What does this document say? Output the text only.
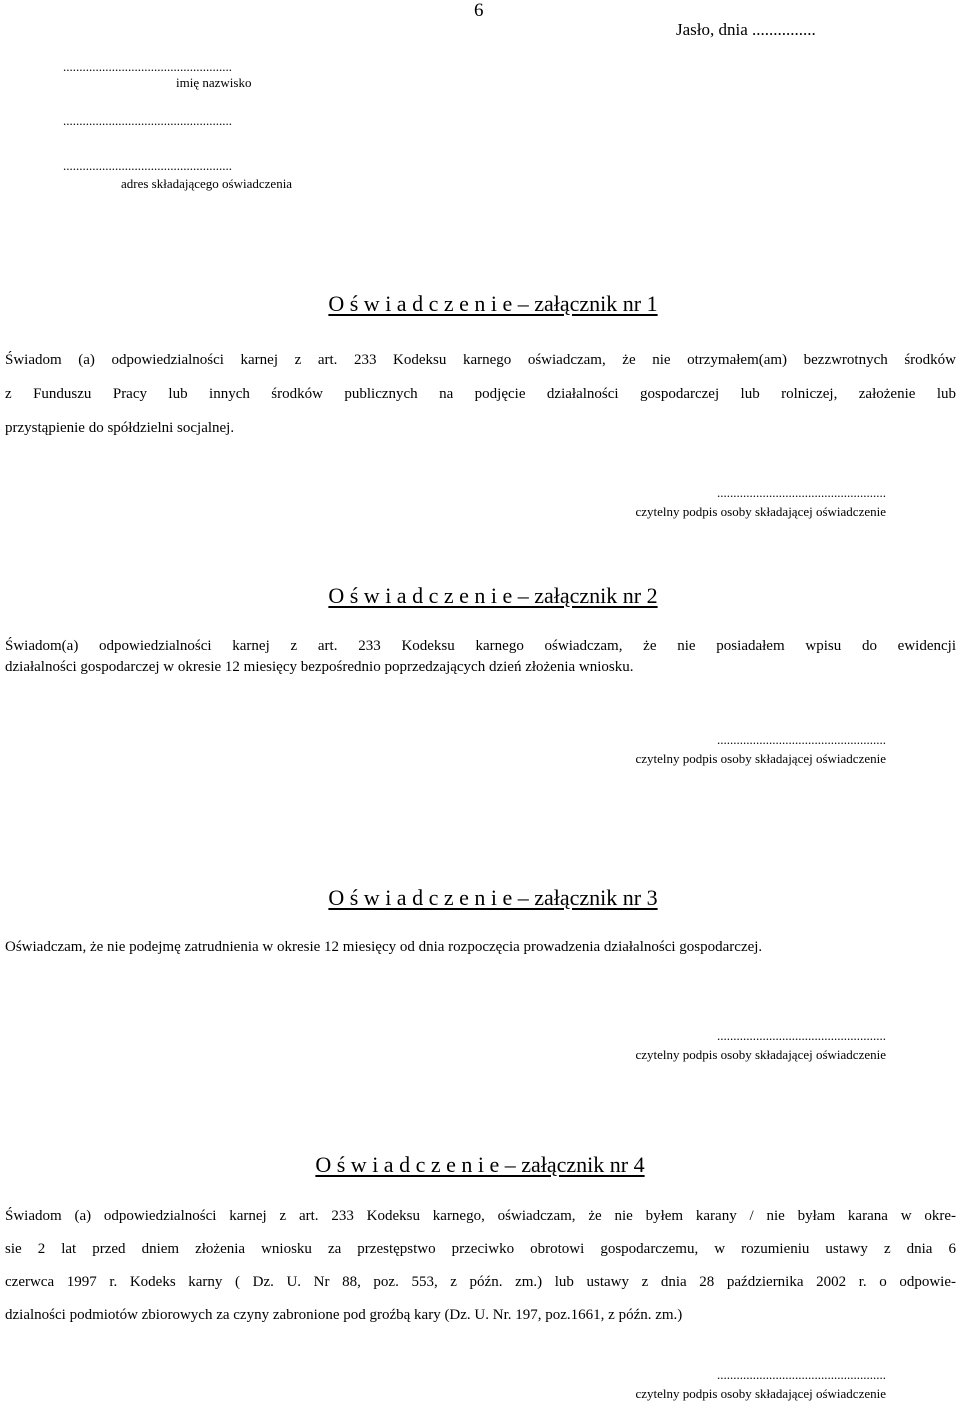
6
Jasło, dnia ...............
....................................................
imię nazwisko
....................................................
....................................................
adres składającego oświadczenia
O ś w i a d c z e n i e – załącznik nr 1
Świadom (a) odpowiedzialności karnej z art. 233 Kodeksu karnego oświadczam, że nie otrzymałem(am) bezzwrotnych środków
z Funduszu Pracy lub innych środków publicznych na podjęcie działalności gospodarczej lub rolniczej, założenie lub
przystąpienie do spółdzielni socjalnej.
....................................................
czytelny podpis osoby składającej oświadczenie
O ś w i a d c z e n i e – załącznik nr 2
Świadom(a) odpowiedzialności karnej z art. 233 Kodeksu karnego oświadczam, że nie posiadałem wpisu do ewidencji
działalności gospodarczej w okresie 12 miesięcy bezpośrednio poprzedzających dzień złożenia wniosku.
....................................................
czytelny podpis osoby składającej oświadczenie
O ś w i a d c z e n i e – załącznik nr 3
Oświadczam, że nie podejmę zatrudnienia w okresie 12 miesięcy od dnia rozpoczęcia prowadzenia działalności gospodarczej.
....................................................
czytelny podpis osoby składającej oświadczenie
O ś w i a d c z e n i e – załącznik nr 4
Świadom (a) odpowiedzialności karnej z art. 233 Kodeksu karnego, oświadczam, że nie byłem karany / nie byłam karana w okre-
sie 2 lat przed dniem złożenia wniosku za przestępstwo przeciwko obrotowi gospodarczemu, w rozumieniu ustawy z dnia 6
czerwca 1997 r. Kodeks karny ( Dz. U. Nr 88, poz. 553, z późn. zm.) lub ustawy z dnia 28 października 2002 r. o odpowie-
dzialności podmiotów zbiorowych za czyny zabronione pod groźbą kary (Dz. U. Nr. 197, poz.1661, z późn. zm.)
....................................................
czytelny podpis osoby składającej oświadczenie
